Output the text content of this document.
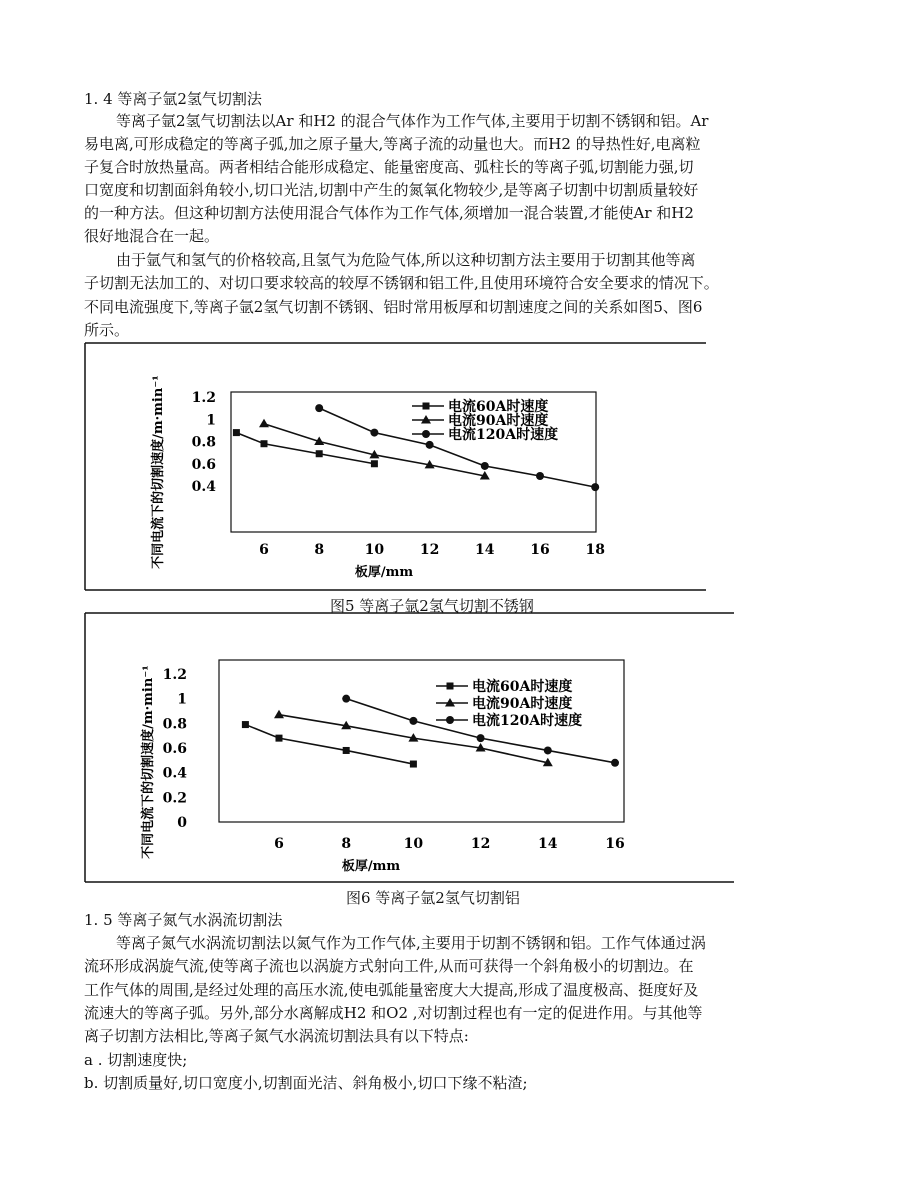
1. 4 等离子氩2氢气切割法
等离子氩2氢气切割法以Ar 和H2 的混合气体作为工作气体,主要用于切割不锈钢和铝。Ar
易电离,可形成稳定的等离子弧,加之原子量大,等离子流的动量也大。而H2 的导热性好,电离粒
子复合时放热量高。两者相结合能形成稳定、能量密度高、弧柱长的等离子弧,切割能力强,切
口宽度和切割面斜角较小,切口光洁,切割中产生的氮氧化物较少,是等离子切割中切割质量较好
的一种方法。但这种切割方法使用混合气体作为工作气体,须增加一混合装置,才能使Ar 和H2
很好地混合在一起。
由于氩气和氢气的价格较高,且氢气为危险气体,所以这种切割方法主要用于切割其他等离
子切割无法加工的、对切口要求较高的较厚不锈钢和铝工件,且使用环境符合安全要求的情况下。
不同电流强度下,等离子氩2氢气切割不锈钢、铝时常用板厚和切割速度之间的关系如图5、图6
所示。
6	8	10	12	14	16	18
1.2
1
0.8
0.6
0.4
板厚/mm
不同电流下的切割速度/m·min⁻¹	电流60A时速度
电流90A时速度
电流120A时速度
图5 等离子氩2氢气切割不锈钢
6	8	10	12	14	16
1.2
1
0.8
0.6
0.4
0.2
0
板厚/mm
不同电流下的切割速度/m·min⁻¹	电流60A时速度
电流90A时速度
电流120A时速度
图6 等离子氩2氢气切割铝
1. 5 等离子氮气水涡流切割法
等离子氮气水涡流切割法以氮气作为工作气体,主要用于切割不锈钢和铝。工作气体通过涡
流环形成涡旋气流,使等离子流也以涡旋方式射向工件,从而可获得一个斜角极小的切割边。在
工作气体的周围,是经过处理的高压水流,使电弧能量密度大大提高,形成了温度极高、挺度好及
流速大的等离子弧。另外,部分水离解成H2 和O2 ,对切割过程也有一定的促进作用。与其他等
离子切割方法相比,等离子氮气水涡流切割法具有以下特点:
a . 切割速度快;
b. 切割质量好,切口宽度小,切割面光洁、斜角极小,切口下缘不粘渣;
